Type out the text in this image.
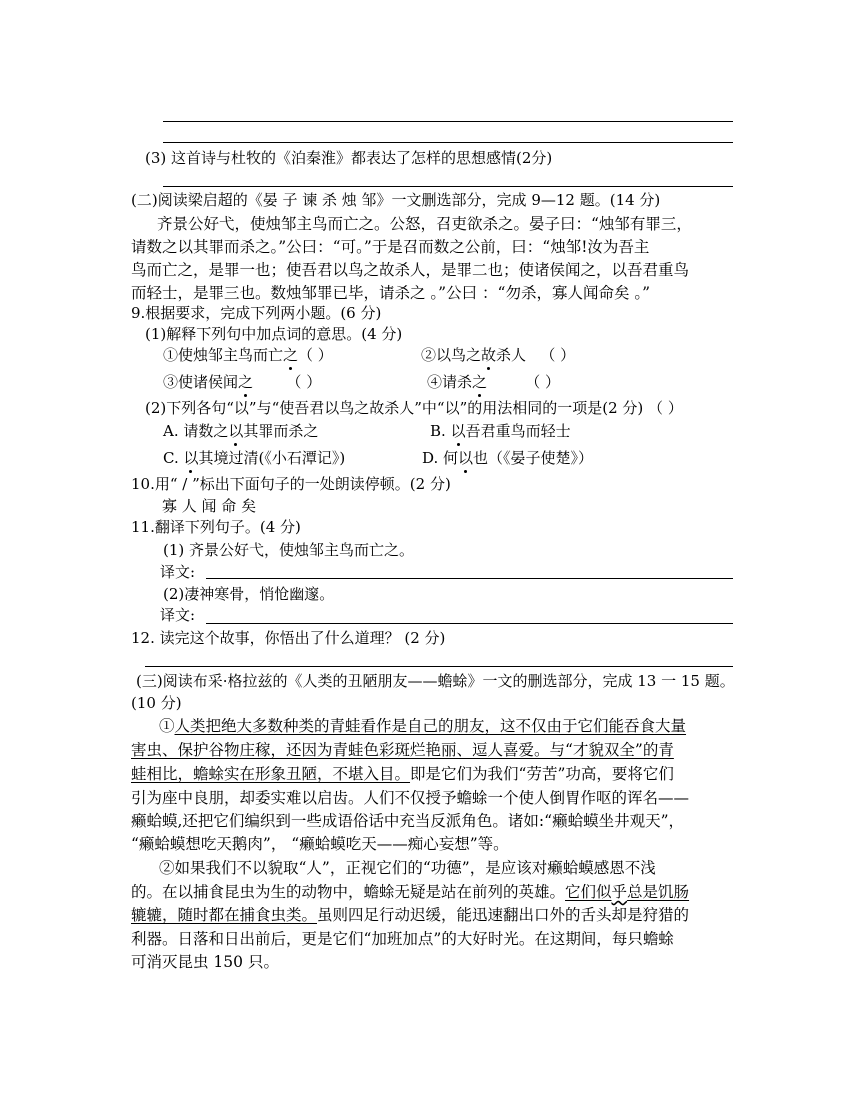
(3) 这首诗与杜牧的《泊秦淮》都表达了怎样的思想感情(2分)
(二)阅读梁启超的《晏 子 谏 杀 烛 邹》一文删选部分，完成 9—12 题。(14 分)
齐景公好弋，使烛邹主鸟而亡之。公怒，召吏欲杀之。晏子曰：“烛邹有罪三，
请数之以其罪而杀之。”公曰：“可。”于是召而数之公前，曰：“烛邹!汝为吾主
鸟而亡之，是罪一也；使吾君以鸟之故杀人，是罪二也；使诸侯闻之，以吾君重鸟
而轻士，是罪三也。数烛邹罪已毕，请杀之 。”公曰 ：“勿杀，寡人闻命矣 。”
9.根据要求，完成下列两小题。(6 分)
(1)解释下列句中加点词的意思。(4 分)
①使烛邹主鸟而亡之（ ）	②以鸟之故杀人 （ ）
③使诸侯闻之 （ ）	④请杀之	（ ）
(2)下列各句“以”与“使吾君以鸟之故杀人”中“以”的用法相同的一项是(2 分) （ ）
A. 请数之以其罪而杀之	B. 以吾君重鸟而轻士
C. 以其境过清(《小石潭记》)	D. 何以也（《晏子使楚》）
10.用“ / ”标出下面句子的一处朗读停顿。(2 分)
寡 人 闻 命 矣
11.翻译下列句子。(4 分)
(1) 齐景公好弋，使烛邹主鸟而亡之。
译文:
(2)凄神寒骨，悄怆幽邃。
译文:
12. 读完这个故事，你悟出了什么道理？ (2 分)
(三)阅读布采·格拉兹的《人类的丑陋朋友——蟾蜍》一文的删选部分，完成 13 一 15 题。
(10 分)
①人类把绝大多数种类的青蛙看作是自己的朋友，这不仅由于它们能吞食大量
害虫、保护谷物庄稼，还因为青蛙色彩斑烂艳丽、逗人喜爱。与“才貌双全”的青
蛙相比，蟾蜍实在形象丑陋，不堪入目。即是它们为我们“劳苦”功高，要将它们
引为座中良朋，却委实难以启齿。人们不仅授予蟾蜍一个使人倒胃作呕的诨名——
癞蛤蟆,还把它们编织到一些成语俗话中充当反派角色。诸如:“癞蛤蟆坐井观天”，
“癞蛤蟆想吃天鹅肉”， “癞蛤蟆吃天——痴心妄想”等。
②如果我们不以貌取“人”，正视它们的“功德”，是应该对癞蛤蟆感恩不浅
的。在以捕食昆虫为生的动物中，蟾蜍无疑是站在前列的英雄。它们似乎总是饥肠
辘辘，随时都在捕食虫类。虽则四足行动迟缓，能迅速翻出口外的舌头却是狩猎的
利器。日落和日出前后，更是它们“加班加点”的大好时光。在这期间，每只蟾蜍
可消灭昆虫 150 只。
